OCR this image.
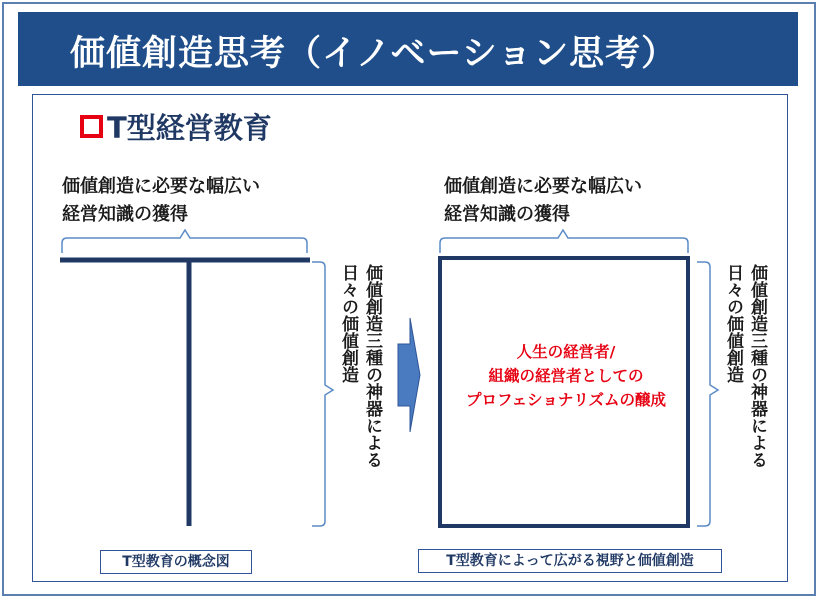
価値創造思考（イノベーション思考）
T型経営教育
価値創造に必要な幅広い
経営知識の獲得
価値創造に必要な幅広い
経営知識の獲得
価値創造三種の神器による
日々の価値創造	価値創造三種の神器による
日々の価値創造
人生の経営者/
組織の経営者としての
プロフェショナリズムの醸成
T型教育の概念図	T型教育によって広がる視野と価値創造
